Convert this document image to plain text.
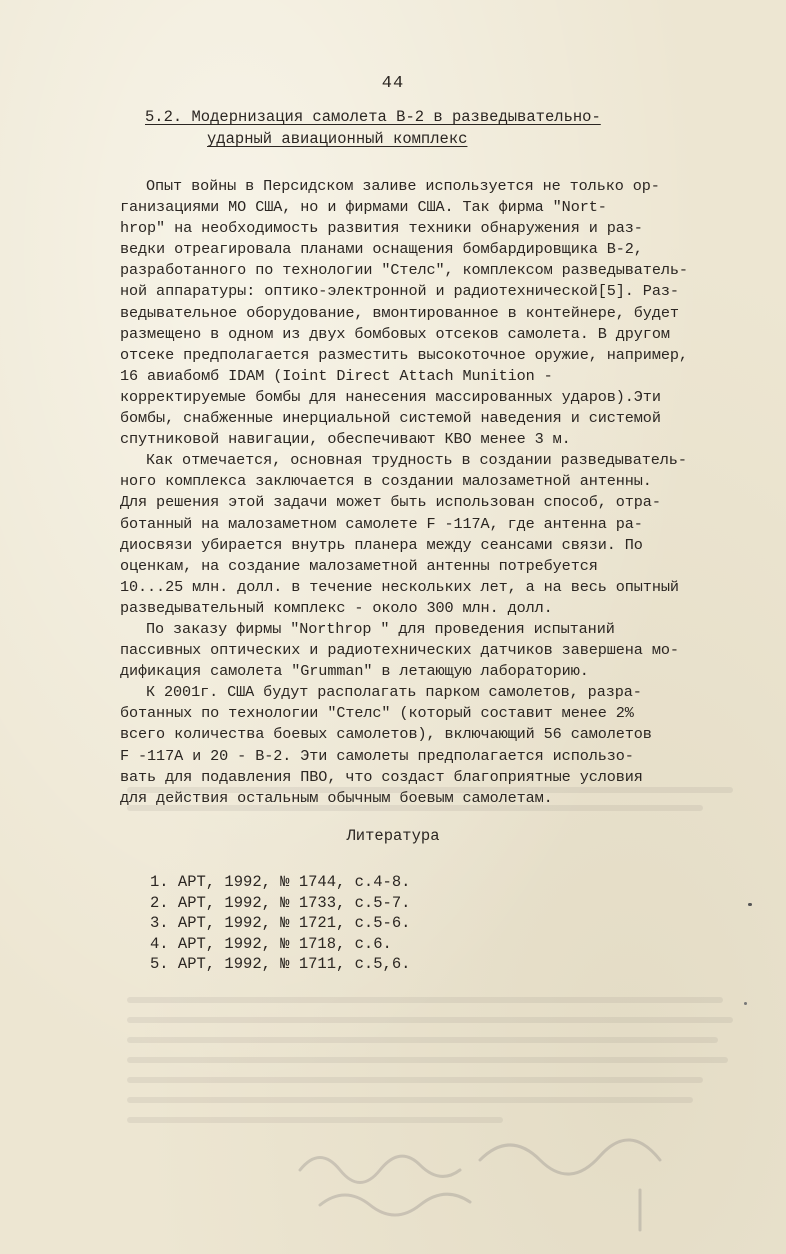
44
5.2. Модернизация самолета В-2 в разведывательно-
ударный авиационный комплекс
Опыт войны в Персидском заливе используется не только ор-
ганизациями МО США, но и фирмами США. Так фирма "Nort-
hrop" на необходимость развития техники обнаружения и раз-
ведки отреагировала планами оснащения бомбардировщика В-2,
разработанного по технологии "Стелс", комплексом разведыватель-
ной аппаратуры: оптико-электронной и радиотехнической[5]. Раз-
ведывательное оборудование, вмонтированное в контейнере, будет
размещено в одном из двух бомбовых отсеков самолета. В другом
отсеке предполагается разместить высокоточное оружие, например,
16 авиабомб IDAM (Ioint Direct Attach Munition -
корректируемые бомбы для нанесения массированных ударов).Эти
бомбы, снабженные инерциальной системой наведения и системой
спутниковой навигации, обеспечивают КВО менее 3 м.
Как отмечается, основная трудность в создании разведыватель-
ного комплекса заключается в создании малозаметной антенны.
Для решения этой задачи может быть использован способ, отра-
ботанный на малозаметном самолете F -117А, где антенна ра-
диосвязи убирается внутрь планера между сеансами связи. По
оценкам, на создание малозаметной антенны потребуется
10...25 млн. долл. в течение нескольких лет, а на весь опытный
разведывательный комплекс - около 300 млн. долл.
По заказу фирмы "Northrop " для проведения испытаний
пассивных оптических и радиотехнических датчиков завершена мо-
дификация самолета "Grumman" в летающую лабораторию.
К 2001г. США будут располагать парком самолетов, разра-
ботанных по технологии "Стелс" (который составит менее 2%
всего количества боевых самолетов), включающий 56 самолетов
F -117А и 20 - В-2. Эти самолеты предполагается использо-
вать для подавления ПВО, что создаст благоприятные условия
для действия остальным обычным боевым самолетам.
Литература
1. АРТ, 1992, № 1744, с.4-8.
2. АРТ, 1992, № 1733, с.5-7.
3. АРТ, 1992, № 1721, с.5-6.
4. АРТ, 1992, № 1718, с.6.
5. АРТ, 1992, № 1711, с.5,6.
